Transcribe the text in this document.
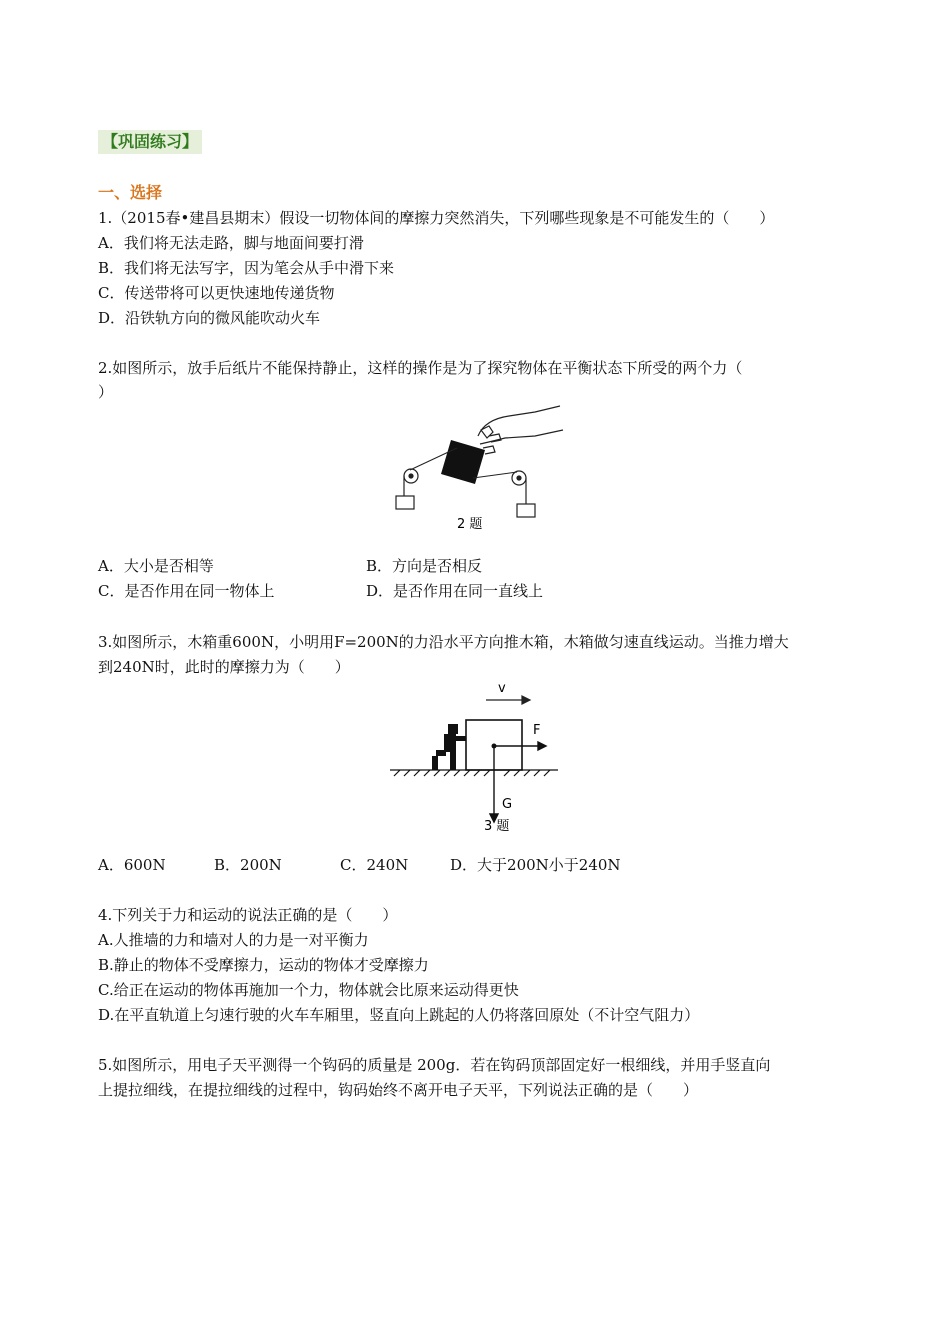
【巩固练习】
一、选择
1.（2015春•建昌县期末）假设一切物体间的摩擦力突然消失，下列哪些现象是不可能发生的（　　）
A．我们将无法走路，脚与地面间要打滑
B．我们将无法写字，因为笔会从手中滑下来
C．传送带将可以更快速地传递货物
D．沿铁轨方向的微风能吹动火车
2.如图所示，放手后纸片不能保持静止，这样的操作是为了探究物体在平衡状态下所受的两个力（
）
2 题
A．大小是否相等	B．方向是否相反
C．是否作用在同一物体上	D．是否作用在同一直线上
3.如图所示，木箱重600N，小明用F=200N的力沿水平方向推木箱，木箱做匀速直线运动。当推力增大
到240N时，此时的摩擦力为（　　）
v
F
G
3 题
A．600N	B．200N	C．240N	D．大于200N小于240N
4.下列关于力和运动的说法正确的是（　　）
A.人推墙的力和墙对人的力是一对平衡力
B.静止的物体不受摩擦力，运动的物体才受摩擦力
C.给正在运动的物体再施加一个力，物体就会比原来运动得更快
D.在平直轨道上匀速行驶的火车车厢里，竖直向上跳起的人仍将落回原处（不计空气阻力）
5.如图所示，用电子天平测得一个钩码的质量是 200g．若在钩码顶部固定好一根细线，并用手竖直向
上提拉细线，在提拉细线的过程中，钩码始终不离开电子天平，下列说法正确的是（　　）
